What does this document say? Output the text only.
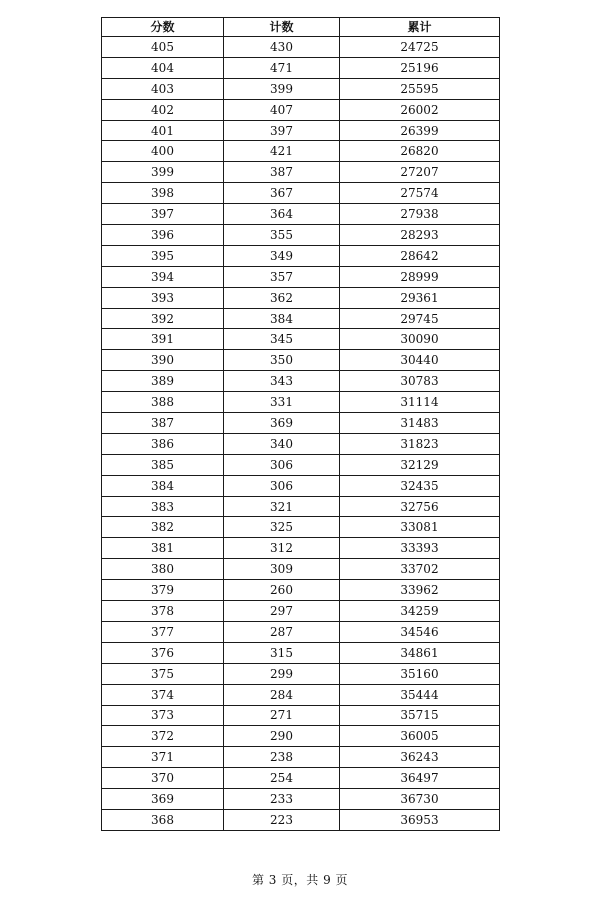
分数	计数	累计
405	430	24725
404	471	25196
403	399	25595
402	407	26002
401	397	26399
400	421	26820
399	387	27207
398	367	27574
397	364	27938
396	355	28293
395	349	28642
394	357	28999
393	362	29361
392	384	29745
391	345	30090
390	350	30440
389	343	30783
388	331	31114
387	369	31483
386	340	31823
385	306	32129
384	306	32435
383	321	32756
382	325	33081
381	312	33393
380	309	33702
379	260	33962
378	297	34259
377	287	34546
376	315	34861
375	299	35160
374	284	35444
373	271	35715
372	290	36005
371	238	36243
370	254	36497
369	233	36730
368	223	36953
第 3 页，共 9 页
